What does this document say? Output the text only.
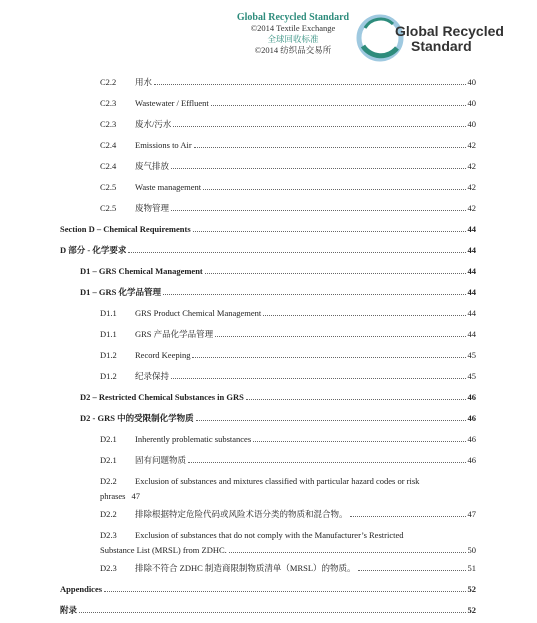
Global Recycled Standard
©2014 Textile Exchange
全球回收标准
©2014 纺织品交易所
Global Recycled
Standard
C2.2	用水	40
C2.3	Wastewater / Effluent	40
C2.3	废水/污水	40
C2.4	Emissions to Air	42
C2.4	废气排放	42
C2.5	Waste management	42
C2.5	废物管理	42
Section D – Chemical Requirements	44
D 部分 - 化学要求	44
D1 – GRS Chemical Management	44
D1 – GRS 化学品管理	44
D1.1	GRS Product Chemical Management	44
D1.1	GRS 产品化学品管理	44
D1.2	Record Keeping	45
D1.2	纪录保持	45
D2 – Restricted Chemical Substances in GRS	46
D2 - GRS 中的受限制化学物质	46
D2.1	Inherently problematic substances	46
D2.1	固有问题物质	46
D2.2	Exclusion of substances and mixtures classified with particular hazard codes or risk
phrases 47
D2.2	排除根据特定危险代码或风险术语分类的物质和混合物。	47
D2.3	Exclusion of substances that do not comply with the Manufacturer’s Restricted
Substance List (MRSL) from ZDHC.	50
D2.3	排除不符合 ZDHC 制造商限制物质清单（MRSL）的物质。	51
Appendices	52
附录	52
